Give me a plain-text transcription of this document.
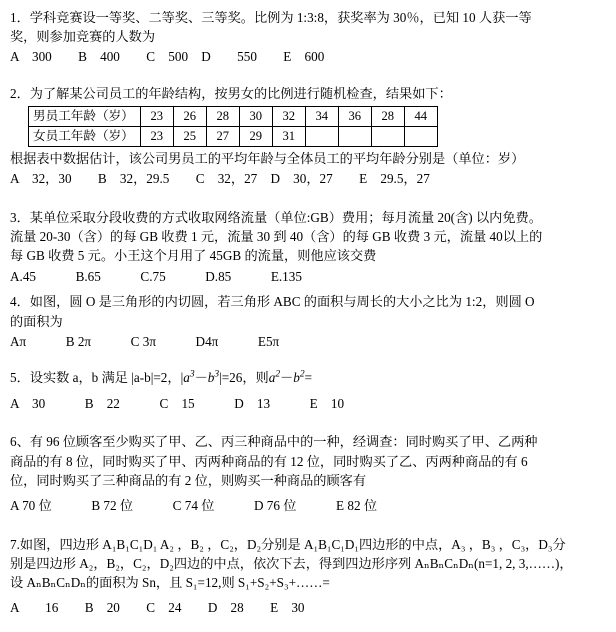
1．学科竞赛设一等奖、二等奖、三等奖。比例为 1:3:8，获奖率为 30％，已知 10 人获一等
奖，则参加竞赛的人数为
A　300　　B　400　　C　500　D　　550　　E　600
2．为了解某公司员工的年龄结构，按男女的比例进行随机检查，结果如下：
男员工年龄（岁）	23	26	28	30	32	34	36	28	44
女员工年龄（岁）	23	25	27	29	31				
根据表中数据估计，该公司男员工的平均年龄与全体员工的平均年龄分别是（单位：岁）
A　32，30　　B　32，29.5　　C　32，27　D　30，27　　E　29.5，27
3．某单位采取分段收费的方式收取网络流量（单位:GB）费用；每月流量 20(含) 以内免费。
流量 20-30（含）的每 GB 收费 1 元，流量 30 到 40（含）的每 GB 收费 3 元，流量 40以上的
每 GB 收费 5 元。小王这个月用了 45GB 的流量，则他应该交费
A.45　　　B.65　　　C.75　　　D.85　　　E.135
4．如图，圆 O 是三角形的内切圆，若三角形 ABC 的面积与周长的大小之比为 1:2，则圆 O
的面积为
Aπ　　　B 2π　　　C 3π　　　D4π　　　E5π
5．设实数 a，b 满足 |a-b|=2，$|a^3-b^3|=26$，则$a^2-b^2=$
A　30　　　B　22　　　C　15　　　D　13　　　E　10
6、有 96 位顾客至少购买了甲、乙、丙三种商品中的一种，经调查：同时购买了甲、乙两种
商品的有 8 位，同时购买了甲、丙两种商品的有 12 位，同时购买了乙、丙两种商品的有 6
位，同时购买了三种商品的有 2 位，则购买一种商品的顾客有
A 70 位　　　B 72 位　　　C 74 位　　　D 76 位　　　E 82 位
7.如图，四边形 A₁B₁C₁D₁ A₂ ，B₂ ，C₂，D₂分别是 A₁B₁C₁D₁四边形的中点，A₃ ，B₃ ，C₃，D₃分
别是四边形 A₂，B₂，C₂，D₂四边的中点，依次下去，得到四边形序列 AₙBₙCₙDₙ(n=1, 2, 3,……)，
设 AₙBₙCₙDₙ的面积为 Sn，且 S₁=12,则 S₁+S₂+S₃+……=
A　　16　　B　20　　C　24　　D　28　　E　30
